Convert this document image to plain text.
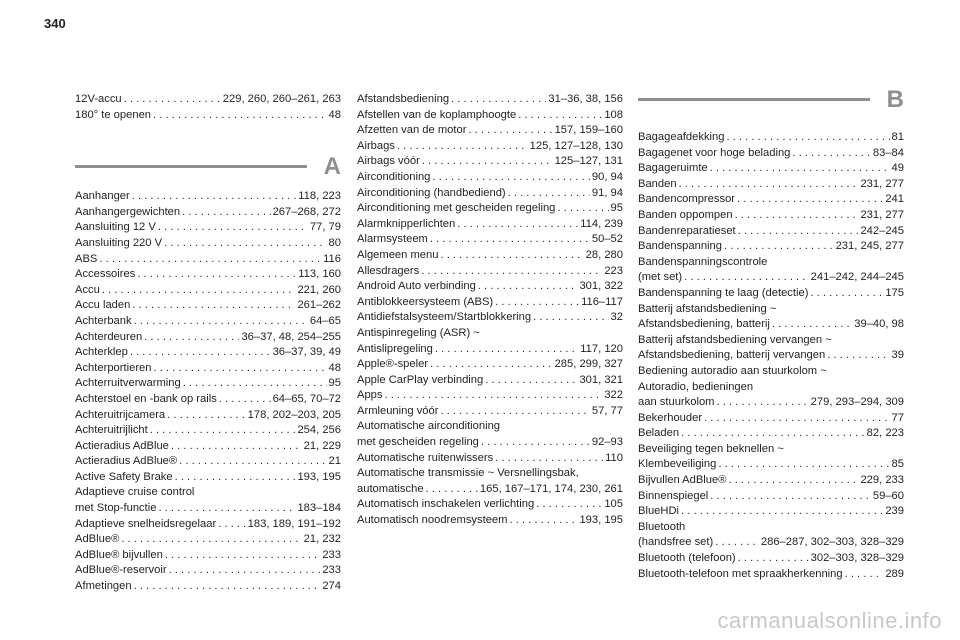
340
12V-accu . . .	229, 260, 260–261, 263
180° te openen . . .	48
A
Aanhanger . . .	118, 223
Aanhangergewichten . . .	267–268, 272
Aansluiting 12 V . . .	77, 79
Aansluiting 220 V . . .	80
ABS . . .	116
Accessoires . . .	113, 160
Accu . . .	221, 260
Accu laden . . .	261–262
Achterbank . . .	64–65
Achterdeuren . . .	36–37, 48, 254–255
Achterklep . . .	36–37, 39, 49
Achterportieren . . .	48
Achterruitverwarming . . .	95
Achterstoel en -bank op rails . . .	64–65, 70–72
Achteruitrijcamera . . .	178, 202–203, 205
Achteruitrijlicht . . .	254, 256
Actieradius AdBlue . . .	21, 229
Actieradius AdBlue® . . .	21
Active Safety Brake . . .	193, 195
Adaptieve cruise control
met Stop-functie . . .	183–184
Adaptieve snelheidsregelaar . . .	183, 189, 191–192
AdBlue® . . .	21, 232
AdBlue® bijvullen . . .	233
AdBlue®-reservoir . . .	233
Afmetingen . . .	274
Afstandsbediening . . .	31–36, 38, 156
Afstellen van de koplamphoogte . . .	108
Afzetten van de motor . . .	157, 159–160
Airbags . . .	125, 127–128, 130
Airbags vóór . . .	125–127, 131
Airconditioning . . .	90, 94
Airconditioning (handbediend) . . .	91, 94
Airconditioning met gescheiden regeling . . .	95
Alarmknipperlichten . . .	114, 239
Alarmsysteem . . .	50–52
Algemeen menu . . .	28, 280
Allesdragers . . .	223
Android Auto verbinding . . .	301, 322
Antiblokkeersysteem (ABS) . . .	116–117
Antidiefstalsysteem/Startblokkering . . .	32
Antispinregeling (ASR) ~
Antislipregeling . . .	117, 120
Apple®-speler . . .	285, 299, 327
Apple CarPlay verbinding . . .	301, 321
Apps . . .	322
Armleuning vóór . . .	57, 77
Automatische airconditioning
met gescheiden regeling . . .	92–93
Automatische ruitenwissers . . .	110
Automatische transmissie ~ Versnellingsbak,
automatische . . .	165, 167–171, 174, 230, 261
Automatisch inschakelen verlichting . . .	105
Automatisch noodremsysteem . . .	193, 195
B
Bagageafdekking . . .	81
Bagagenet voor hoge belading . . .	83–84
Bagageruimte . . .	49
Banden . . .	231, 277
Bandencompressor . . .	241
Banden oppompen . . .	231, 277
Bandenreparatieset . . .	242–245
Bandenspanning . . .	231, 245, 277
Bandenspanningscontrole
(met set) . . .	241–242, 244–245
Bandenspanning te laag (detectie) . . .	175
Batterij afstandsbediening ~
Afstandsbediening, batterij . . .	39–40, 98
Batterij afstandsbediening vervangen ~
Afstandsbediening, batterij vervangen . . .	39
Bediening autoradio aan stuurkolom ~
Autoradio, bedieningen
aan stuurkolom . . .	279, 293–294, 309
Bekerhouder . . .	77
Beladen . . .	82, 223
Beveiliging tegen beknellen ~
Klembeveiliging . . .	85
Bijvullen AdBlue® . . .	229, 233
Binnenspiegel . . .	59–60
BlueHDi . . .	239
Bluetooth
(handsfree set) . . .	286–287, 302–303, 328–329
Bluetooth (telefoon) . . .	302–303, 328–329
Bluetooth-telefoon met spraakherkenning . . .	289
carmanualsonline.info
